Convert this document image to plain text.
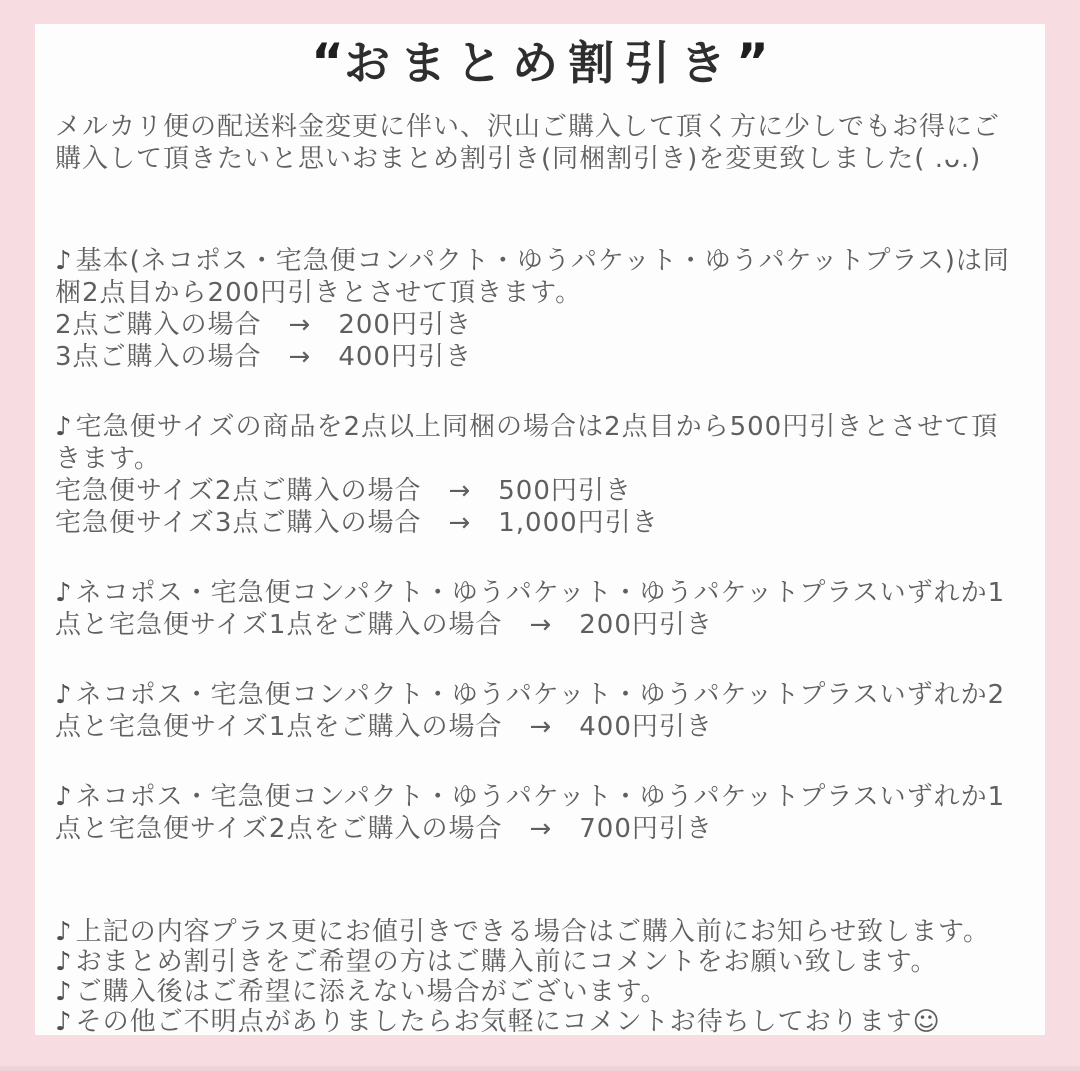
“おまとめ割引き”

メルカリ便の配送料金変更に伴い、沢山ご購入して頂く方に少しでもお得にご購入して頂きたいと思いおまとめ割引き(同梱割引き)を変更致しました( .ᴗ.)

♪ 基本(ネコポス・宅急便コンパクト・ゆうパケット・ゆうパケットプラス)は同梱2点目から200円引きとさせて頂きます。

2点ご購入の場合　→　200円引き

3点ご購入の場合　→　400円引き

♪ 宅急便サイズの商品を2点以上同梱の場合は2点目から500円引きとさせて頂きます。

宅急便サイズ2点ご購入の場合　→　500円引き

宅急便サイズ3点ご購入の場合　→　1,000円引き

♪ ネコポス・宅急便コンパクト・ゆうパケット・ゆうパケットプラスいずれか1点と宅急便サイズ1点をご購入の場合　→　200円引き

♪ ネコポス・宅急便コンパクト・ゆうパケット・ゆうパケットプラスいずれか2点と宅急便サイズ1点をご購入の場合　→　400円引き

♪ ネコポス・宅急便コンパクト・ゆうパケット・ゆうパケットプラスいずれか1点と宅急便サイズ2点をご購入の場合　→　700円引き

♪ 上記の内容プラス更にお値引きできる場合はご購入前にお知らせ致します。

♪ おまとめ割引きをご希望の方はご購入前にコメントをお願い致します。

♪ ご購入後はご希望に添えない場合がございます。

♪ その他ご不明点がありましたらお気軽にコメントお待ちしております☺
